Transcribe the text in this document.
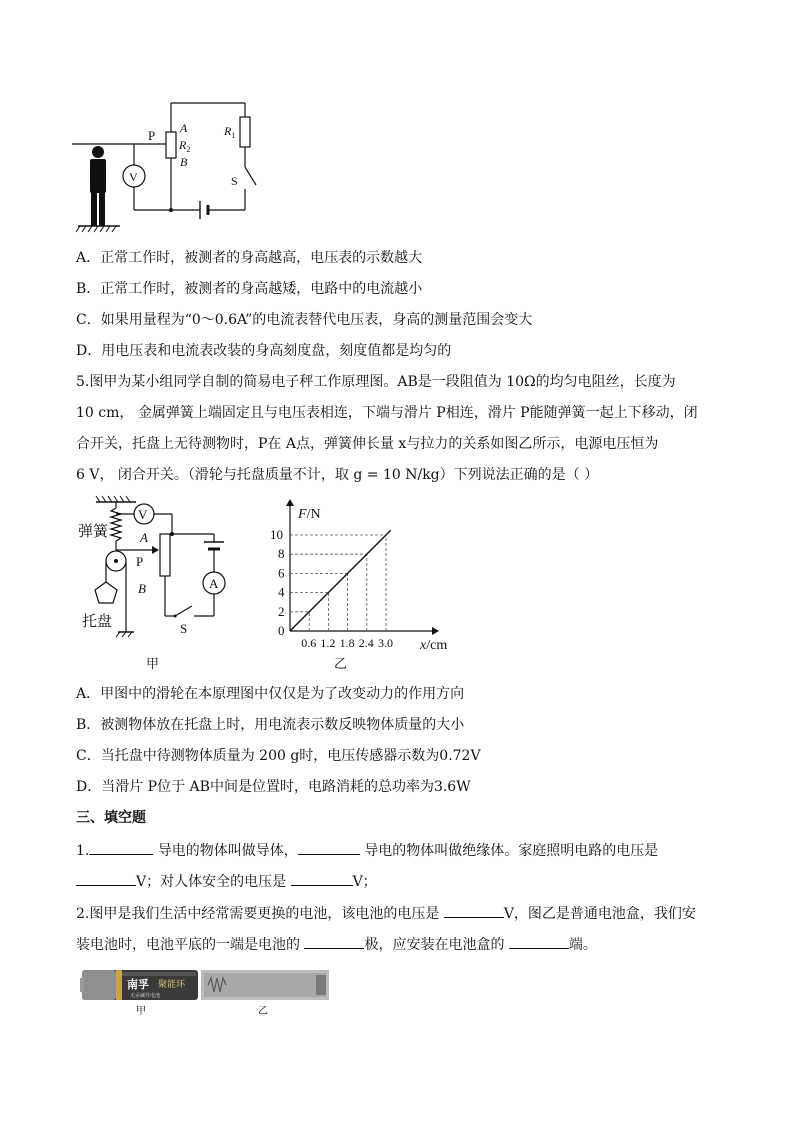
P A
$R_2$
B
$R_1$
S
V
A．正常工作时，被测者的身高越高，电压表的示数越大
B．正常工作时，被测者的身高越矮，电路中的电流越小
C．如果用量程为“0～0.6A”的电流表替代电压表，身高的测量范围会变大
D．用电压表和电流表改装的身高刻度盘，刻度值都是均匀的
5.图甲为某小组同学自制的简易电子秤工作原理图。AB是一段阻值为 10Ω的均匀电阻丝，长度为
10 cm， 金属弹簧上端固定且与电压表相连，下端与滑片 P相连，滑片 P能随弹簧一起上下移动，闭
合开关，托盘上无待测物时，P在 A点，弹簧伸长量 x与拉力的关系如图乙所示，电源电压恒为
6 V， 闭合开关。（滑轮与托盘质量不计，取 g = 10 N/kg）下列说法正确的是（ ）
弹簧
托盘
V
A
A
P
B
S
甲
0
0.6
2
1.2
4
1.8
6
2.4
8
3.0
10
F/N
x/cm
乙
A．甲图中的滑轮在本原理图中仅仅是为了改变动力的作用方向
B．被测物体放在托盘上时，用电流表示数反映物体质量的大小
C．当托盘中待测物体质量为 200 g时，电压传感器示数为0.72V
D．当滑片 P位于 AB中间是位置时，电路消耗的总功率为3.6W
三、填空题
1.	导电的物体叫做导体，	导电的物体叫做绝缘体。家庭照明电路的电压是
V；对人体安全的电压是	V；
2.图甲是我们生活中经常需要更换的电池，该电池的电压是	V，图乙是普通电池盒，我们安
装电池时，电池平底的一端是电池的	极，应安装在电池盒的	端。
南孚 聚能环
无汞碱性电池
甲	乙
